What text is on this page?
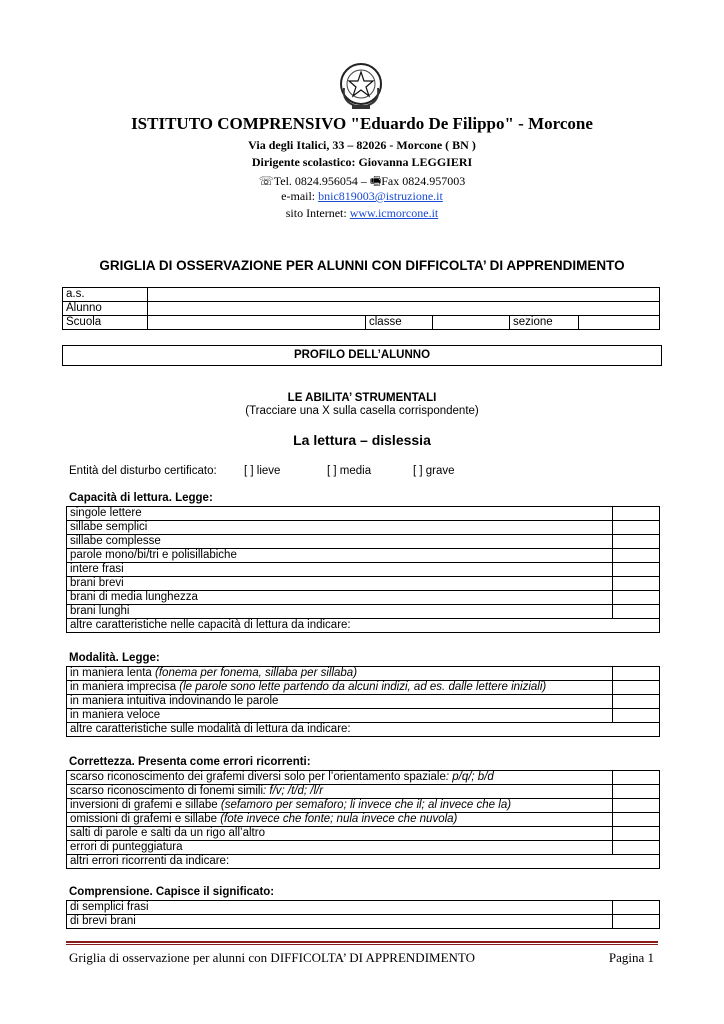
ISTITUTO COMPRENSIVO "Eduardo De Filippo" - Morcone
Via degli Italici, 33 – 82026 - Morcone ( BN )
Dirigente scolastico: Giovanna LEGGIERI
☏Tel. 0824.956054 – 🖷Fax 0824.957003
e-mail: bnic819003@istruzione.it
sito Internet: www.icmorcone.it
GRIGLIA DI OSSERVAZIONE PER ALUNNI CON DIFFICOLTA’ DI APPRENDIMENTO
a.s.					
Alunno					
Scuola		classe		sezione	
PROFILO DELL’ALUNNO
LE ABILITA’ STRUMENTALI
(Tracciare una X sulla casella corrispondente)
La lettura – dislessia
Entità del disturbo certificato: [ ] lieve	[ ] media	[ ] grave
Capacità di lettura. Legge:
singole lettere	
sillabe semplici	
sillabe complesse	
parole mono/bi/tri e polisillabiche	
intere frasi	
brani brevi	
brani di media lunghezza	
brani lunghi	
altre caratteristiche nelle capacità di lettura da indicare:	
Modalità. Legge:
in maniera lenta (fonema per fonema, sillaba per sillaba)	
in maniera imprecisa (le parole sono lette partendo da alcuni indizi, ad es. dalle lettere iniziali)	
in maniera intuitiva indovinando le parole	
in maniera veloce	
altre caratteristiche sulle modalità di lettura da indicare:	
Correttezza. Presenta come errori ricorrenti:
scarso riconoscimento dei grafemi diversi solo per l’orientamento spaziale: p/q/; b/d	
scarso riconoscimento di fonemi simili: f/v; /t/d; /l/r	
inversioni di grafemi e sillabe (sefamoro per semaforo; li invece che il; al invece che la)	
omissioni di grafemi e sillabe (fote invece che fonte; nula invece che nuvola)	
salti di parole e salti da un rigo all’altro	
errori di punteggiatura	
altri errori ricorrenti da indicare:	
Comprensione. Capisce il significato:
di semplici frasi	
di brevi brani	
Griglia di osservazione per alunni con DIFFICOLTA’ DI APPRENDIMENTO	Pagina 1
